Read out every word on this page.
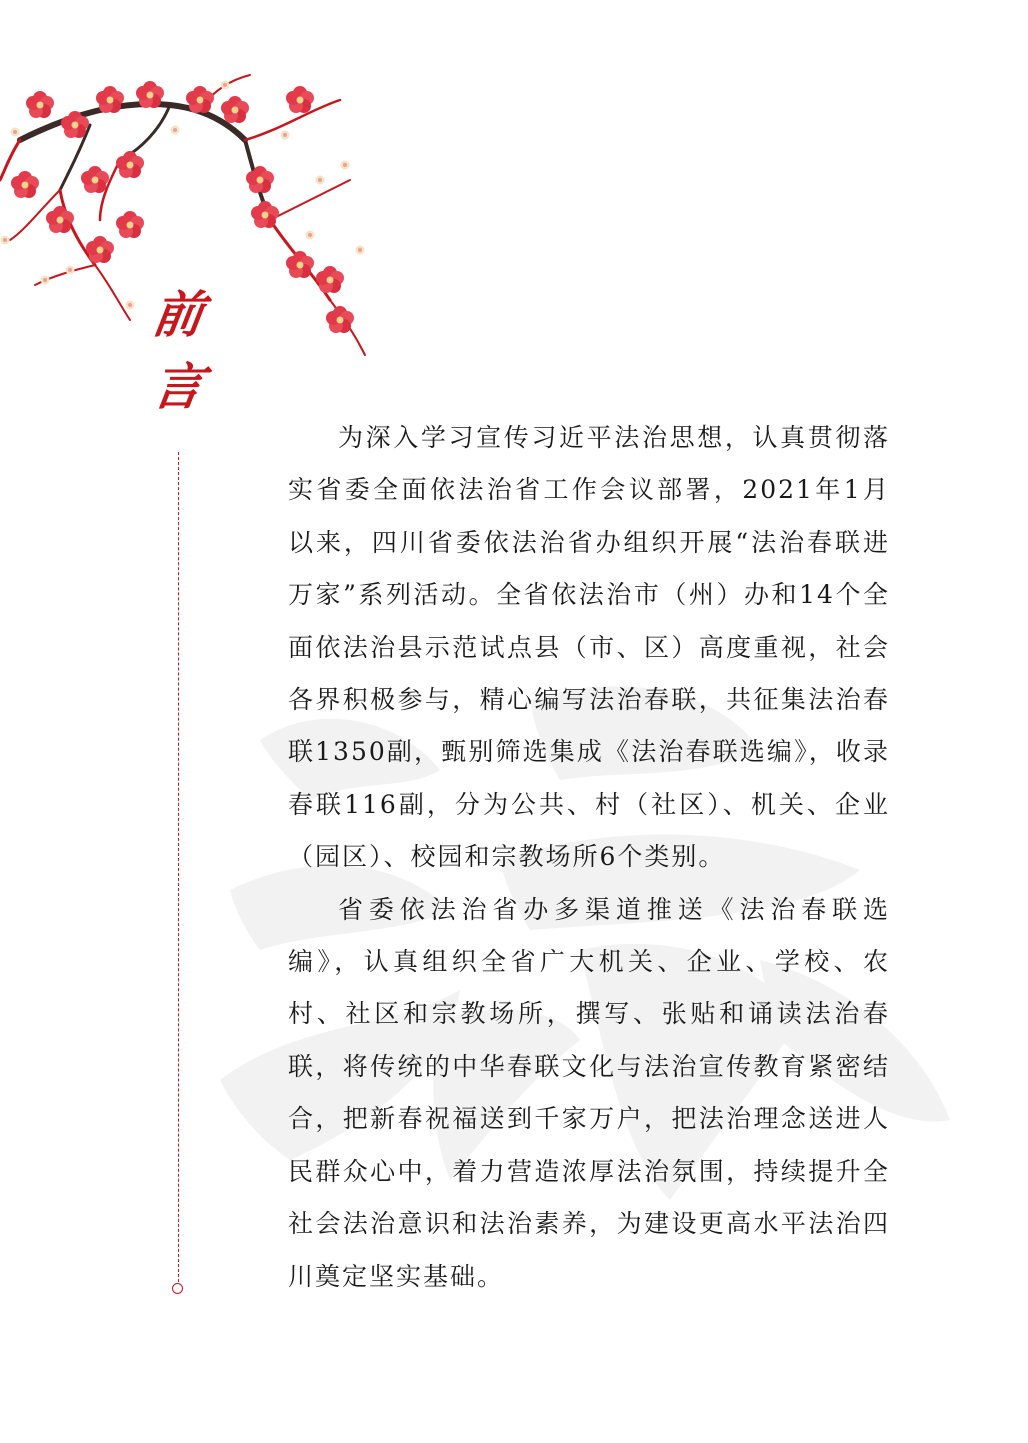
前
言

为深入学习宣传习近平法治思想，认真贯彻落实省委全面依法治省工作会议部署，2021年1月以来，四川省委依法治省办组织开展“法治春联进万家”系列活动。全省依法治市（州）办和14个全面依法治县示范试点县（市、区）高度重视，社会各界积极参与，精心编写法治春联，共征集法治春联1350副，甄别筛选集成《法治春联选编》，收录春联116副，分为公共、村（社区）、机关、企业（园区）、校园和宗教场所6个类别。

省委依法治省办多渠道推送《法治春联选编》，认真组织全省广大机关、企业、学校、农村、社区和宗教场所，撰写、张贴和诵读法治春联，将传统的中华春联文化与法治宣传教育紧密结合，把新春祝福送到千家万户，把法治理念送进人民群众心中，着力营造浓厚法治氛围，持续提升全社会法治意识和法治素养，为建设更高水平法治四川奠定坚实基础。
